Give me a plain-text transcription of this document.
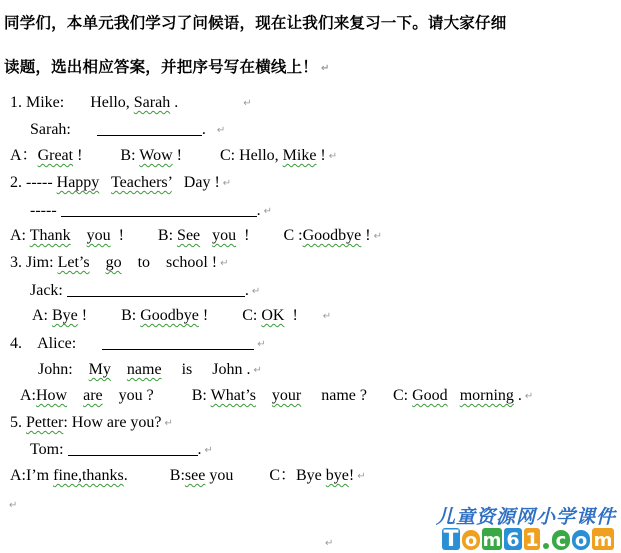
同学们，本单元我们学习了问候语，现在让我们来复习一下。请大家仔细
读题，选出相应答案，并把序号写在横线上！ ↵
1. Mike: Hello, Sarah .	↵
Sarah:	. ↵
A：Great ! B: Wow ! C: Hello, Mike ! ↵
2. ----- Happy Teachers’ Day ! ↵
-----	. ↵
A: Thank you ! B: See you ! C :Goodbye ! ↵
3. Jim: Let’s go to school ! ↵
Jack:	. ↵
A: Bye ! B: Goodbye ! C: OK !	↵
4. Alice:	↵
John: My name is John . ↵
A:How are you ? B: What’s your name ? C: Good morning . ↵
5. Petter: How are you? ↵
Tom:	. ↵
A:I’m fine,thanks.	B:see you C：Bye bye! ↵
↵
↵
儿童资源网小学课件
T o m 6 1 c o m
